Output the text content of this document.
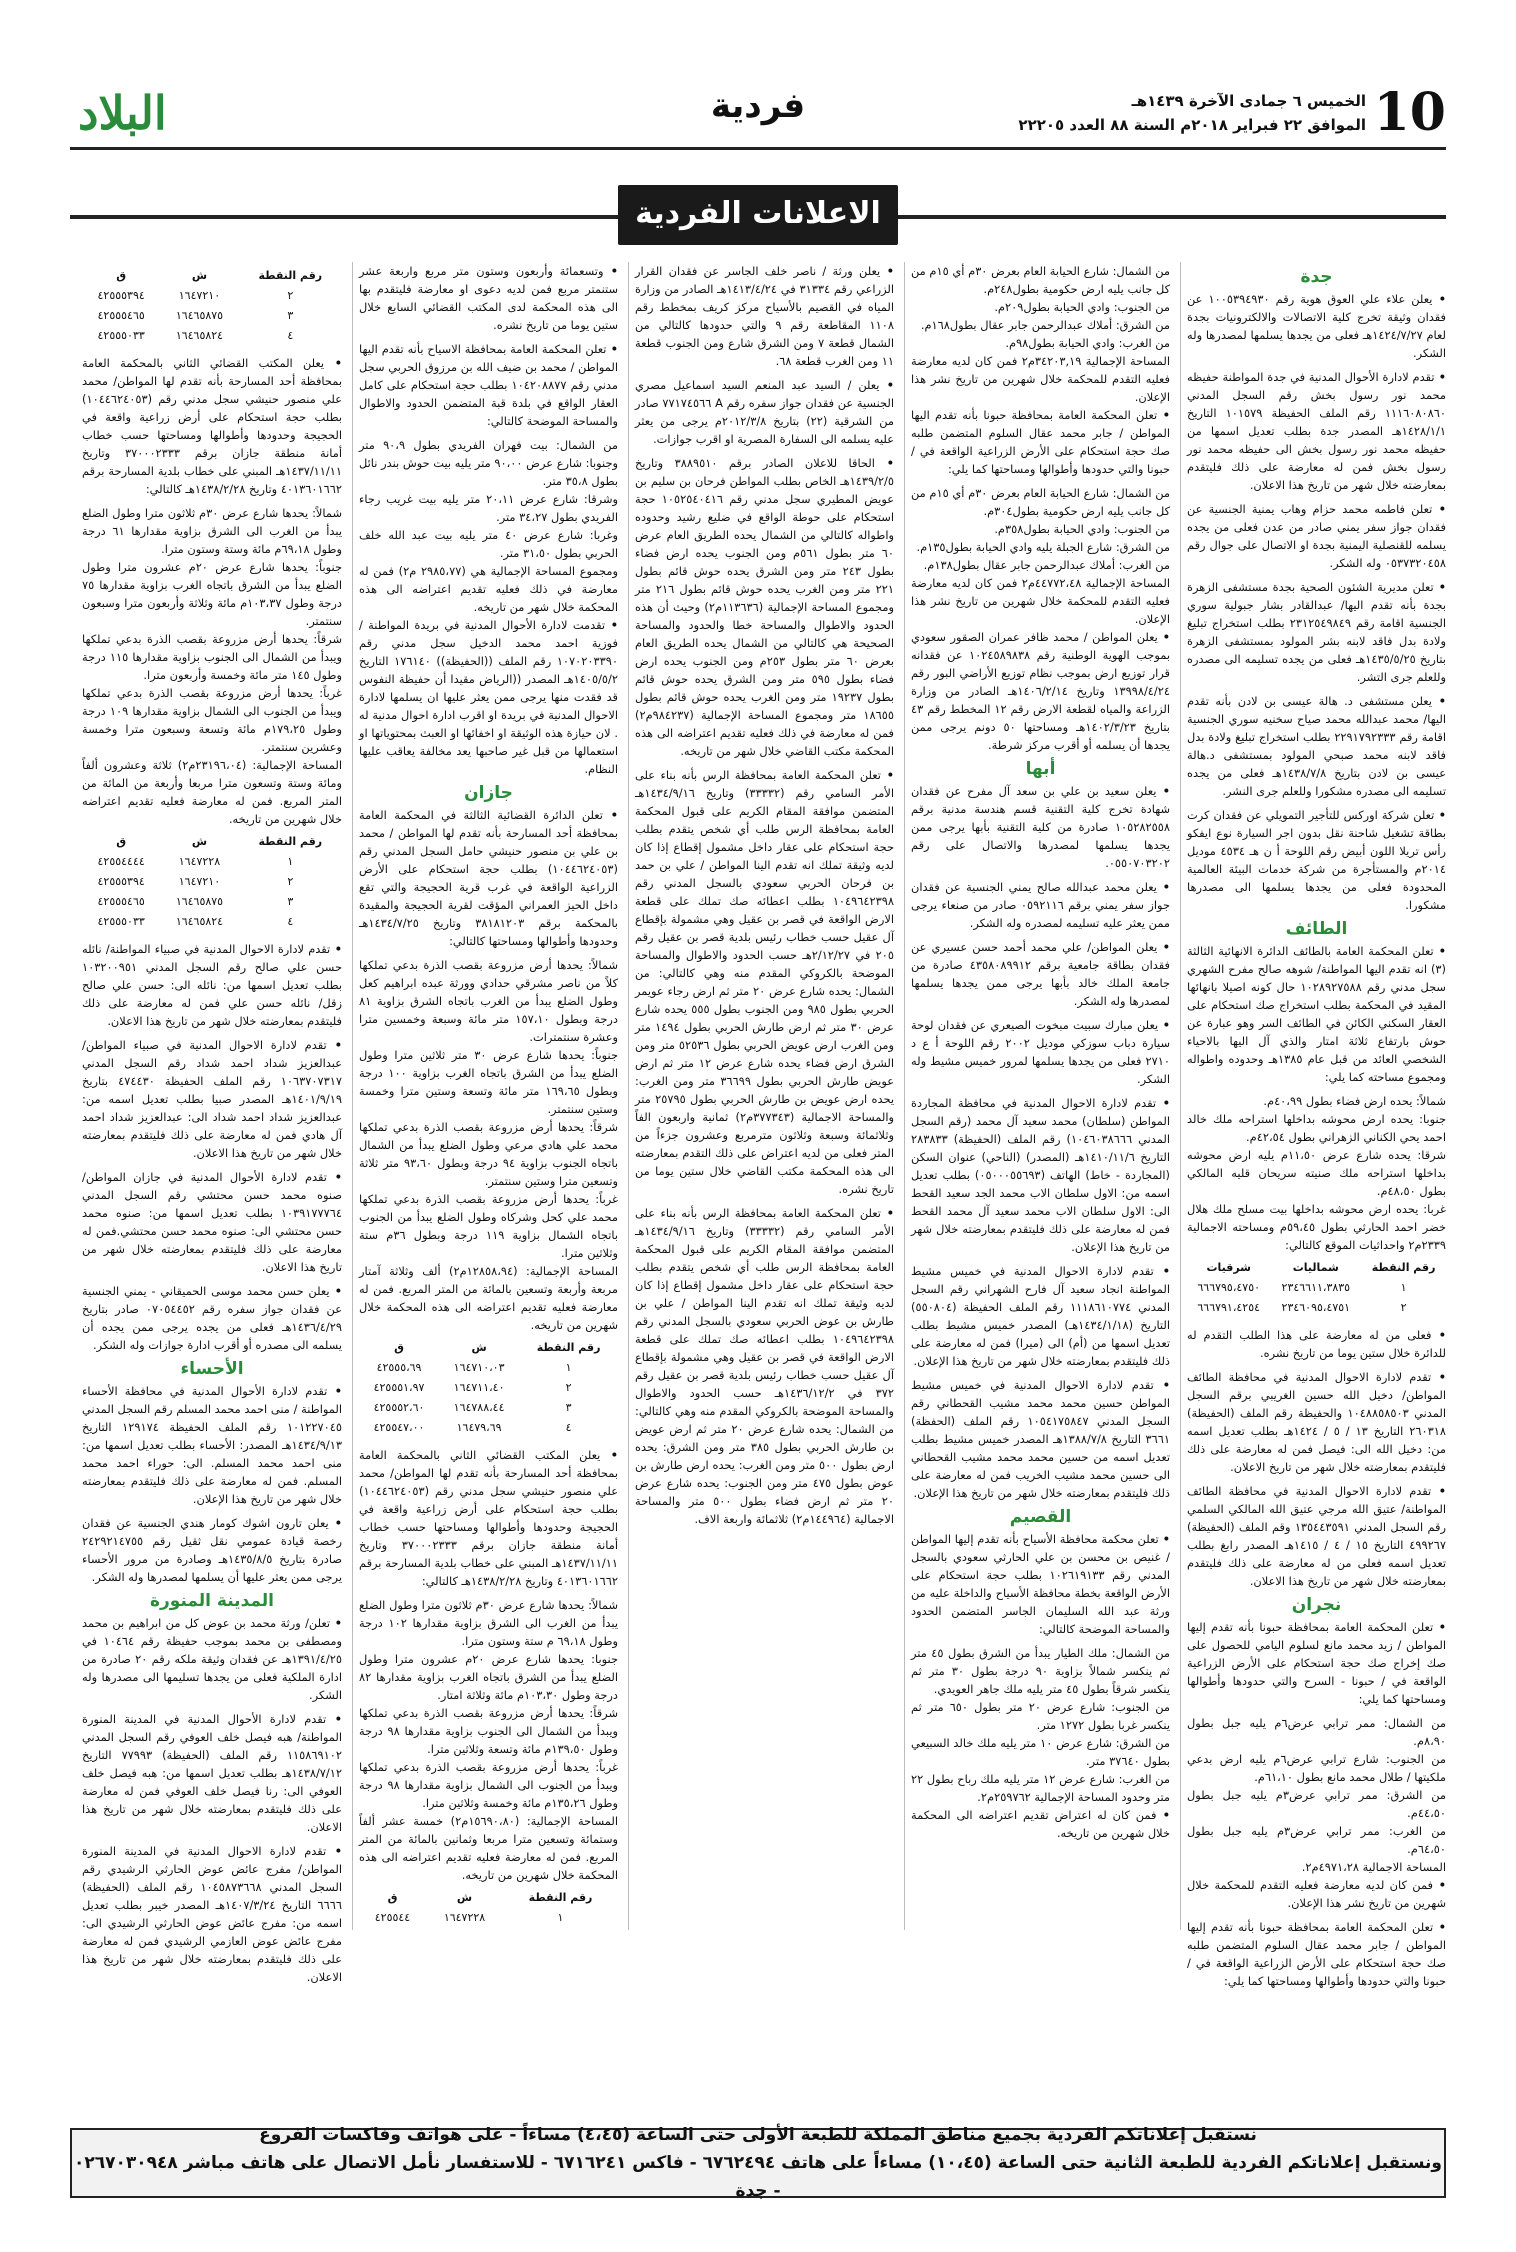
10
الخميس ٦ جمادى الآخرة ١٤٣٩هـ
الموافق ٢٢ فبراير ٢٠١٨م السنة ٨٨ العدد ٢٢٢٠٥
فردية
البلاد
الاعلانات الفردية
جدة
• يعلن علاء علي العوق هوية رقم ١٠٠٥٣٩٤٩٣٠ عن فقدان وثيقة تخرج كلية الاتصالات والالكترونيات بجدة لعام ١٤٢٤/٧/٢٧هـ فعلى من يجدها يسلمها لمصدرها وله الشكر.
• تقدم لادارة الأحوال المدنية في جدة المواطنة حفيظه محمد نور رسول بخش رقم السجل المدني ١١١٦٠٨٠٨٦٠ رقم الملف الحفيظة ١٠١٥٧٩ التاريخ ١٤٢٨/١/١هـ المصدر جدة بطلب تعديل اسمها من حفيظه محمد نور رسول بخش الى حفيظه محمد نور رسول بخش فمن له معارضة على ذلك فليتقدم بمعارضته خلال شهر من تاريخ هذا الاعلان.
• تعلن فاطمه محمد حزام وهاب يمنية الجنسية عن فقدان جواز سفر يمني صادر من عدن فعلى من يجده يسلمه للقنصلية اليمنية بجدة او الاتصال على جوال رقم ٠٥٣٧٣٢٠٤٥٨ وله الشكر.
• تعلن مديرية الشئون الصحية بجدة مستشفى الزهرة بجدة بأنه تقدم اليها/ عبدالقادر بشار جبولية سوري الجنسية اقامة رقم ٢٣١٢٥٤٩٨٤٩ بطلب استخراج تبليغ ولادة بدل فاقد لابنه بشر المولود بمستشفى الزهرة بتاريخ ١٤٣٥/٥/٢٥هـ فعلى من يجده تسليمه الى مصدره وللعلم جرى التشر.
• يعلن مستشفى د. هالة عيسى بن لادن بأنه تقدم اليها/ محمد عبدالله محمد صياح سخنيه سوري الجنسية اقامة رقم ٢٢٩١٧٩٢٣٣٣ بطلب استخراج تبليغ ولادة بدل فاقد لابنه محمد صبحي المولود بمستشفى د.هالة عيسى بن لادن بتاريخ ١٤٣٨/٧/٨هـ فعلى من يجده تسليمه الى مصدره مشكورا وللعلم جرى النشر.
• تعلن شركة اوركس للتأجير التمويلي عن فقدان كرت بطاقة تشغيل شاحنة نقل بدون اجر السيارة نوع ايفكو رأس تريلا اللون أبيض رقم اللوحة أ ن هـ ٤٥٣٤ موديل ٢٠١٤م والمستأجرة من شركة خدمات البيئة العالمية المحدودة فعلى من يجدها يسلمها الى مصدرها مشكورا.
الطائف
• تعلن المحكمة العامة بالطائف الدائرة الانهائية الثالثة (٣) انه تقدم اليها المواطنة/ شوهه صالح مفرح الشهري سجل مدني رقم ١٠٢٨٩٢٧٥٨٨ حال كونه اصيلا بانهائها المقيد في المحكمة بطلب استخراج صك استحكام على العقار السكني الكائن في الطائف السر وهو عبارة عن حوش بارتفاع ثلاثة امتار والذي آل اليها بالاحياء الشخصي العائد من قبل عام ١٣٨٥هـ وحدوده واطواله ومجموع مساحته كما يلي:
شمالاً: يحده ارض فضاء بطول ٤٠،٩٩م.
جنوبا: يحده ارض محوشه بداخلها استراحه ملك خالد احمد يحي الكناني الزهراني بطول ٤٢،٥٤م.
شرقا: يحده شارع عرض ١١،٥٠م يليه ارض محوشه بداخلها استراحه ملك صنيته سريحان قليه المالكي بطول ٤٨،٥٠م.
غربا: يحده ارض محوشه بداخلها بيت مسلح ملك هلال خضر احمد الحارثي بطول ٥٩،٤٥م ومساحته الاجمالية ٢٣٣٩م٢ واحداثيات الموقع كالتالي:
شرقيات	شماليات	رقم النقطة
٦٦٦٧٩٥،٤٧٥٠	٢٣٤٦٦١١،٣٨٣٥	١
٦٦٦٧٩١،٤٢٥٤	٢٣٤٦٠٩٥،٤٧٥١	٢
• فعلى من له معارضة على هذا الطلب التقدم له للدائرة خلال ستين يوما من تاريخ نشره.
• تقدم لادارة الاحوال المدنية في محافظة الطائف المواطن/ دخيل الله حسين الغريبي برقم السجل المدني ١٠٤٨٨٥٨٥٠٣ والحفيظة رقم الملف (الحفيظة) ٢٦٠٣١٨ التاريخ ١٣ / ٥ / ١٤٢٤هـ بطلب تعديل اسمه من: دخيل الله الى: فيصل فمن له معارضة على ذلك فليتقدم بمعارضته خلال شهر من تاريخ الاعلان.
• تقدم لادارة الاحوال المدنية في محافظة الطائف المواطنة/ عتيق الله مرجي عتيق الله المالكي السلمي رقم السجل المدني ١٣٥٤٤٣٥٩١ وقم الملف (الحفيظة) ٤٩٩٢٦٧ التاريخ ١٥ / ٤ / ١٤١٥هـ المصدر رابغ بطلب تعديل اسمه فعلى من له معارضة على ذلك فليتقدم بمعارضته خلال شهر من تاريخ هذا الاعلان.
نجران
• تعلن المحكمة العامة بمحافظة حبونا بأنه تقدم إليها المواطن / زيد محمد مانع لسلوم اليامي للحصول على صك إخراج صك حجة استحكام على الأرض الزراعية الواقعة في / حبونا - السرح والتي حدودها وأطوالها ومساحتها كما يلي:
من الشمال: ممر ترابي عرض٦م يليه جبل بطول ٨،٩٠م.
من الجنوب: شارع ترابي عرض٦م يليه ارض بدعي ملكيتها / طلال محمد مانع بطول ٦١،١٠م.
من الشرق: ممر ترابي عرض٣م يليه جبل بطول ٤٤،٥٠م.
من الغرب: ممر ترابي عرض٣م يليه جبل بطول ٦٤،٥٠م.
المساحة الاجمالية ٤٩٧١،٢٨م٢.
• فمن كان لديه معارضة فعليه التقدم للمحكمة خلال شهرين من تاريخ نشر هذا الإعلان.
• تعلن المحكمة العامة بمحافظة حبونا بأنه تقدم إليها المواطن / جابر محمد عقال السلوم المتضمن طلبه صك حجة استحكام على الأرض الزراعية الواقعة في / حبونا والتي حدودها وأطوالها ومساحتها كما يلي:
من الشمال: شارع الحيابة العام بعرض ٣٠م أي ١٥م من كل جانب يليه ارض حكومية بطول٢٤٨م.
من الجنوب: وادي الحيابة بطول٢٠٩م.
من الشرق: أملاك عبدالرحمن جابر عقال بطول١٦٨م.
من الغرب: وادي الحيابة بطول٩٨م.
المساحة الإجمالية ٣٤٢٠٣,١٩م٢ فمن كان لديه معارضة فعليه التقدم للمحكمة خلال شهرين من تاريخ نشر هذا الإعلان.
• تعلن المحكمة العامة بمحافظة حبونا بأنه تقدم اليها المواطن / جابر محمد عقال السلوم المتضمن طلبه صك حجة استحكام على الأرض الزراعية الواقعة في / حبونا والتي حدودها وأطوالها ومساحتها كما يلي:
من الشمال: شارع الحيابة العام بعرض ٣٠م أي ١٥م من كل جانب يليه ارض حكومية بطول٣٠٤م.
من الجنوب: وادي الحيابة بطول٣٥٨م.
من الشرق: شارع الجبلة يليه وادي الحيابة بطول١٣٥م.
من الغرب: أملاك عبدالرحمن جابر عقال بطول١٣٨م.
المساحة الإجمالية ٤٤٧٧٢،٤٨م٢ فمن كان لديه معارضة فعليه التقدم للمحكمة خلال شهرين من تاريخ نشر هذا الإعلان.
• يعلن المواطن / محمد ظافر عمران الصقور سعودي بموجب الهوية الوطنية رقم ١٠٢٤٥٨٩٨٣٨ عن فقدانه قرار توزيع ارض بموجب نظام توزيع الأراضي البور رقم ١٣٩٩٨/٤/٢٤ وتاريخ ١٤٠٦/٢/١٤هـ الصادر من وزارة الزراعة والمياه لقطعة الارض رقم ١٢ المخطط رقم ٤٣ بتاريخ ١٤٠٢/٣/٢٣هـ ومساحتها ٥٠ دونم يرجى ممن يجدها أن يسلمه أو أقرب مركز شرطة.
أبها
• يعلن سعيد بن علي بن سعد آل مفرح عن فقدان شهادة تخرج كلية التقنية قسم هندسة مدنية برقم ١٠٥٢٨٢٥٥٨ صادرة من كلية التقنية بأبها يرجى ممن يجدها يسلمها لمصدرها والاتصال على رقم ٠٥٥٠٧٠٣٢٠٢.
• يعلن محمد عبدالله صالح يمني الجنسية عن فقدان جواز سفر يمني برقم ٠٥٩٢١١٦ صادر من صنعاء يرجى ممن يعثر عليه تسليمه لمصدره وله الشكر.
• يعلن المواطن/ علي محمد أحمد حسن عسيري عن فقدان بطاقة جامعية برقم ٤٣٥٨٠٨٩٩١٢ صادرة من جامعة الملك خالد بأبها يرجى ممن يجدها يسلمها لمصدرها وله الشكر.
• يعلن مبارك سبيت مبخوت الصيعري عن فقدان لوحة سيارة دباب سوزكي موديل ٢٠٠٢ رقم اللوحة أ ع د ٢٧١٠ فعلى من يجدها يسلمها لمرور خميس مشيط وله الشكر.
• تقدم لادارة الاحوال المدنية في محافظة المجاردة المواطن (سلطان) محمد سعيد آل محمد (رقم السجل المدني ١٠٤٦٠٣٨٦٦٦) رقم الملف (الحفيظة) ٢٨٣٨٣٣ التاريخ ١٤١٠/١١/٦هـ (المصدر) (الناحي) عنوان السكن (المجاردة - خاط) الهاتف (٠٥٠٠٠٥٥٦٩٣) بطلب تعديل اسمه من: الاول سلطان الاب محمد الجد سعيد القحط الى: الاول سلطان الاب محمد سعيد آل محمد القحط فمن له معارضة على ذلك فليتقدم بمعارضته خلال شهر من تاريخ هذا الإعلان.
• تقدم لادارة الاحوال المدنية في خميس مشيط المواطنة انجاد سعيد آل فارح الشهراني رقم السجل المدني ١١١٨٦١٠٧٧٤ رقم الملف الحفيظة (٥٥٠٨٠٤) التاريخ (١٤٣٤/١/١٨هـ) المصدر خميس مشيط بطلب تعديل اسمها من (أم) الى (ميرا) فمن له معارضة على ذلك فليتقدم بمعارضته خلال شهر من تاريخ هذا الإعلان.
• تقدم لادارة الاحوال المدنية في خميس مشيط المواطن حسين محمد محمد مشيب القحطاني رقم السجل المدني ١٠٥٤١٧٥٨٤٧ رقم الملف (الحفظة) ٣٦٦١ التاريخ ١٣٨٨/٧/٨هـ المصدر خميس مشيط بطلب تعديل اسمه من حسين محمد محمد مشيب القحطاني الى حسين محمد مشيب الخريب فمن له معارضة على ذلك فليتقدم بمعارضته خلال شهر من تاريخ هذا الإعلان.
القصيم
• تعلن محكمة محافظة الأسياح بأنه تقدم إليها المواطن / غنيص بن محسن بن علي الحارثي سعودي بالسجل المدني رقم ١٠٢٦١٩١٣٣ بطلب حجة استحكام على الأرض الواقعة بخطة محافظة الأسياح والداخلة عليه من ورثة عبد الله السليمان الجاسر المتضمن الحدود والمساحة الموضحة كالتالي:
من الشمال: ملك الطيار يبدأ من الشرق بطول ٤٥ متر ثم ينكسر شمالاً بزاوية ٩٠ درجة بطول ٣٠ متر ثم ينكسر شرقاً بطول ٤٥ متر يليه ملك جاهر العويدي.
من الجنوب: شارع عرض ٢٠ متر بطول ٦٥٠ متر ثم ينكسر غربا بطول ١٢٧٢ متر.
من الشرق: شارع عرض ١٠ متر يليه ملك خالد السبيعي بطول ٣٧٦٤٠ متر.
من الغرب: شارع عرض ١٢ متر يليه ملك رباح بطول ٢٢ متر وحدود المساحة الإجمالية ٢٥٩٧٦٢م٢.
• فمن كان له اعتراض تقديم اعتراضه الى المحكمة خلال شهرين من تاريخه.
• يعلن ورثة / ناصر خلف الجاسر عن فقدان القرار الزراعي رقم ٣١٣٣٤ في ١٤١٣/٤/٢٤هـ الصادر من وزارة المياه في القصيم بالأسياح مركز كريف بمخطط رقم ١١٠٨ المقاطعة رقم ٩ والتي حدودها كالتالي من الشمال قطعة ٧ ومن الشرق شارع ومن الجنوب قطعة ١١ ومن الغرب قطعة ٦٨.
• يعلن / السيد عبد المنعم السيد اسماعيل مصري الجنسية عن فقدان جواز سفره رقم A ٧٧١٧٤٥٦٦ صادر من الشرقية (٢٢) بتاريخ ٢٠١٢/٣/٨م يرجى من يعثر عليه يسلمه الى السفارة المصرية او اقرب جوازات.
• الحاقا للاعلان الصادر برقم ٣٨٨٩٥١٠ وتاريخ ١٤٣٩/٢/٥هـ الخاص بطلب المواطن فرحان بن سليم بن عويض المطيري سجل مدني رقم ١٠٥٢٥٤٠٤١٦ حجة استحكام على حوطة الواقع في ضليع رشيد وحدوده واطواله كالتالي من الشمال يحده الطريق العام عرض ٦٠ متر بطول ٥٦١م ومن الجنوب يحده ارض فضاء بطول ٢٤٣ متر ومن الشرق يحده حوش قائم بطول ٢٢١ متر ومن الغرب يحده حوش قائم بطول ٢١٦ متر ومجموع المساحة الإجمالية (١١٣٦٣٦م٢) وحيث أن هذه الحدود والاطوال والمساحة خطا والحدود والمساحة الصحيحة هي كالتالي من الشمال يحده الطريق العام بعرض ٦٠ متر بطول ٢٥٣م ومن الجنوب يحده ارض فضاء بطول ٥٩٥ متر ومن الشرق يحده حوش قائم بطول ١٩٢٣٧ متر ومن الغرب يحده حوش قائم بطول ١٨٦٥٥ متر ومجموع المساحة الإجمالية (٩٨٤٢٣٧م٢) فمن له معارضة في ذلك فعليه تقديم اعتراضه الى هذه المحكمة مكتب القاضي خلال شهر من تاريخه.
• تعلن المحكمة العامة بمحافظة الرس بأنه بناء على الأمر السامي رقم (٣٣٣٣٢) وتاريخ ١٤٣٤/٩/١٦هـ المتضمن موافقة المقام الكريم على قبول المحكمة العامة بمحافظة الرس طلب أي شخص يتقدم بطلب حجة استحكام على عقار داخل مشمول إقطاع إذا كان لديه وثيقة تملك انه تقدم الينا المواطن / علي بن حمد بن فرحان الحربي سعودي بالسجل المدني رقم ١٠٤٩٦٤٢٣٩٨ بطلب اعطائه صك تملك على قطعة الارض الواقعة في قصر بن عقيل وهي مشمولة بإقطاع آل عقيل حسب خطاب رئيس بلدية قصر بن عقيل رقم ٢٠٥ في ٢/١٢/٢٧هـ حسب الحدود والاطوال والمساحة الموضحة بالكروكي المقدم منه وهي كالتالي: من الشمال: يحده شارع عرض ٢٠ متر ثم ارض رجاء عويمر الحربي بطول ٩٨٥ ومن الجنوب بطول ٥٥٥ يحده شارع عرض ٣٠ متر ثم ارض طارش الحربي بطول ١٤٩٤ متر ومن الغرب ارض عويض الحربي بطول ٥٢٥٣٦ متر ومن الشرق ارض فضاء يحده شارع عرض ١٢ متر ثم ارض عويض طارش الحربي بطول ٣٦٦٩٩ متر ومن الغرب: يحده ارض عويض بن طارش الحربي بطول ٢٥٧٩٥ متر والمساحة الاجمالية (٣٧٧٣٤٣م٢) ثمانية واربعون الفاً وثلاثمائة وسبعة وثلاثون مترمربع وعشرون جزءاً من المتر فعلى من لديه اعتراض على ذلك التقدم بمعارضته الى هذه المحكمة مكتب القاضي خلال ستين يوما من تاريخ نشره.
• تعلن المحكمة العامة بمحافظة الرس بأنه بناء على الأمر السامي رقم (٣٣٣٣٢) وتاريخ ١٤٣٤/٩/١٦هـ المتضمن موافقة المقام الكريم على قبول المحكمة العامة بمحافظة الرس طلب أي شخص يتقدم بطلب حجة استحكام على عقار داخل مشمول إقطاع إذا كان لديه وثيقة تملك انه تقدم الينا المواطن / علي بن طارش بن عوض الحربي سعودي بالسجل المدني رقم ١٠٤٩٦٤٢٣٩٨ بطلب اعطائه صك تملك على قطعة الارض الواقعة في قصر بن عقيل وهي مشمولة بإقطاع آل عقيل حسب خطاب رئيس بلدية قصر بن عقيل رقم ٣٧٢ في ١٤٣٦/١٢/٢هـ حسب الحدود والاطوال والمساحة الموضحة بالكروكي المقدم منه وهي كالتالي: من الشمال: يحده شارع عرض ٢٠ متر ثم ارض عويض بن طارش الحربي بطول ٣٨٥ متر ومن الشرق: يحده ارض بطول ٥٠٠ متر ومن الغرب: يحده ارض طارش بن عوض بطول ٤٧٥ متر ومن الجنوب: يحده شارع عرض ٢٠ متر ثم ارض فضاء بطول ٥٠٠ متر والمساحة الاجمالية (١٤٤٩٦٤م٢) ثلاثمائة واربعة الاف.
• وتسعمائة وأربعون وستون متر مربع واربعة عشر ستنمتر مربع فمن لديه دعوى او معارضة فليتقدم بها الى هذه المحكمة لدى المكتب القضائي السابع خلال ستين يوما من تاريخ نشره.
• تعلن المحكمة العامة بمحافظة الاسياح بأنه تقدم اليها المواطن / محمد بن ضيف الله بن مرزوق الحربي سجل مدني رقم ١٠٤٢٠٨٨٧٧ بطلب حجة استحكام على كامل العقار الواقع في بلدة قبة المتضمن الحدود والاطوال والمساحة الموضحة كالتالي:
من الشمال: بيت فهران الفريدي بطول ٩٠،٩ متر وجنوبا: شارع عرض ٩٠،٠٠ متر يليه بيت حوش بندر نائل بطول ٣٥،٨ متر.
وشرقا: شارع عرض ٢٠،١١ متر يليه بيت غريب رجاء الفريدي بطول ٣٤،٢٧ متر.
وغربا: شارع عرض ٤٠ متر يليه بيت عبد الله خلف الحربي بطول ٣١،٥٠ متر.
ومجموع المساحة الإجمالية هي (٢٩٨٥،٧٧ م٢) فمن له معارضة في ذلك فعليه تقديم اعتراضه الى هذه المحكمة خلال شهر من تاريخه.
• تقدمت لادارة الأحوال المدنية في بريدة المواطنة / فوزية احمد محمد الدخيل سجل مدني رقم ١٠٧٠٢٠٣٣٩٠ رقم الملف ((الحفيظة)) ١٧٦١٤٠ التاريخ ١٤٠٥/٥/٢هـ المصدر ((الرياض مقيدا أن حفيظة النفوس قد فقدت منها يرجى ممن يعثر عليها ان يسلمها لادارة الاحوال المدنية في بريدة او اقرب ادارة احوال مدنية له . لان حيازة هذه الوثيقة او اخفائها او العبث بمحتوياتها او استعمالها من قبل غير صاحبها يعد مخالفة يعاقب عليها النظام.
جازان
• تعلن الدائرة القضائية الثالثة في المحكمة العامة بمحافظة أحد المسارحة بأنه تقدم لها المواطن / محمد بن علي بن منصور حنيشي حامل السجل المدني رقم (١٠٤٤٦٢٤٠٥٣) بطلب حجة استحكام على الأرض الزراعية الواقعة في غرب قرية الحجيجة والتي تقع داخل الحيز العمراني المؤقت لقرية الحجيجة والمقيدة بالمحكمة برقم ٣٨١٨١٢٠٣ وتاريخ ١٤٣٤/٧/٢٥هـ وحدودها وأطوالها ومساحتها كالتالي:
شمالاً: يحدها أرض مزروعة بقصب الذرة بدعي تملكها كلاً من ناصر مشرقي حدادي وورثة عبده ابراهيم كعل وطول الضلع يبدأ من الغرب باتجاه الشرق بزاوية ٨١ درجة وبطول ١٥٧،١٠ متر مائة وسبعة وخمسين مترا وعشرة سنتمترات.
جنوباً: يحدها شارع عرض ٣٠ متر ثلاثين مترا وطول الضلع يبدأ من الشرق باتجاه الغرب بزاوية ١٠٠ درجة وبطول ١٦٩،٦٥ متر مائة وتسعة وستين مترا وخمسة وستين سنتمتر.
شرقاً: يحدها أرض مزروعة بقصب الذرة بدعي تملكها محمد علي هادي مرعي وطول الضلع يبدأ من الشمال باتجاه الجنوب بزاوية ٩٤ درجة وبطول ٩٣،٦٠ متر ثلاثة وتسعين مترا وستين سنتمتر.
غرباً: يحدها أرض مزروعة بقصب الذرة بدعي تملكها محمد علي كحل وشركاه وطول الضلع يبدأ من الجنوب باتجاه الشمال بزاوية ١١٩ درجة وبطول ٣٦م ستة وثلاثين مترا.
المساحة الإجمالية: (١٢٨٥٨،٩٤م٢) ألف وثلاثة آمتار مربعة وأربعة وتسعين بالمائة من المتر المربع. فمن له معارضة فعليه تقديم اعتراضه الى هذه المحكمة خلال شهرين من تاريخه.
ق	ش	رقم النقطة
٤٢٥٥٥،٦٩	١٦٤٧١٠،٠٣	١
٤٢٥٥٥١،٩٧	١٦٤٧١١،٤٠	٢
٤٢٥٥٥٢،٦٠	١٦٤٧٨٨،٤٤	٣
٤٢٥٥٤٧،٠٠	١٦٤٧٩،٦٩	٤
• يعلن المكتب القضائي الثاني بالمحكمة العامة بمحافظة أحد المسارحة بأنه تقدم لها المواطن/ محمد علي منصور حنيشي سجل مدني رقم (١٠٤٤٦٢٤٠٥٣) بطلب حجة استحكام على أرض زراعية واقعة في الحجيجة وحدودها وأطوالها ومساحتها حسب خطاب أمانة منطقة جازان برقم ٣٧٠٠٠٢٣٣٣ وتاريخ ١٤٣٧/١١/١١هـ المبني على خطاب بلدية المسارحة برقم ٤٠١٣٦٠١٦٦٢ وتاريخ ١٤٣٨/٢/٢٨هـ كالتالي:
شمالاً: يحدها شارع عرض ٣٠م ثلاثون مترا وطول الضلع يبدأ من الغرب الى الشرق بزاوية مقدارها ١٠٢ درجة وطول ٦٩،١٨ م ستة وستون مترا.
جنوبا: يحدها شارع عرض ٢٠م عشرون مترا وطول الضلع يبدأ من الشرق باتجاه الغرب بزاوية مقدارها ٨٢ درجة وطول ١٠٣،٣٠م مائة وثلاثة امتار.
شرقاً: يحدها أرض مزروعة بقصب الذرة بدعي تملكها ويبدأ من الشمال الى الجنوب بزاوية مقدارها ٩٨ درجة وطول ١٣٩،٥٠م مائة وتسعة وثلاثين مترا.
غرباً: يحدها أرض مزروعة بقصب الذرة بدعي تملكها ويبدأ من الجنوب الى الشمال بزاوية مقدارها ٩٨ درجة وطول ١٣٥،٢٦م مائة وخمسة وثلاثين مترا.
المساحة الإجمالية: (١٥٦٩٠،٨٠م٢) خمسة عشر ألفاً وستمائة وتسعين مترا مربعا وثمانين بالمائة من المتر المربع. فمن له معارضة فعليه تقديم اعتراضه الى هذه المحكمة خلال شهرين من تاريخه.
ق	ش	رقم النقطة
٤٢٥٥٤٤	١٦٤٧٢٢٨	١
ق	ش	رقم النقطة
٤٢٥٥٥٣٩٤	١٦٤٧٢١٠	٢
٤٢٥٥٥٤٦٥	١٦٤٦٥٨٧٥	٣
٤٢٥٥٥٠٣٣	١٦٤٦٥٨٢٤	٤
• يعلن المكتب القضائي الثاني بالمحكمة العامة بمحافظة أحد المسارحة بأنه تقدم لها المواطن/ محمد علي منصور حنيشي سجل مدني رقم (١٠٤٤٦٢٤٠٥٣) بطلب حجة استحكام على أرض زراعية واقعة في الحجيجة وحدودها وأطوالها ومساحتها حسب خطاب أمانة منطقة جازان برقم ٣٧٠٠٠٢٣٣٣ وتاريخ ١٤٣٧/١١/١١هـ المبني على خطاب بلدية المسارحة برقم ٤٠١٣٦٠١٦٦٢ وتاريخ ١٤٣٨/٢/٢٨هـ كالتالي:
شمالاً: يحدها شارع عرض ٣٠م ثلاثون مترا وطول الضلع يبدأ من الغرب الى الشرق بزاوية مقدارها ٦١ درجة وطول ٦٩،١٨م مائة وستة وستون مترا.
جنوباً: يحدها شارع عرض ٢٠م عشرون مترا وطول الضلع يبدأ من الشرق باتجاه الغرب بزاوية مقدارها ٧٥ درجة وطول ١٠٣،٣٧م مائة وثلاثة وأربعون مترا وسبعون سنتمتر.
شرقاً: يحدها أرض مزروعة بقصب الذرة بدعي تملكها ويبدأ من الشمال الى الجنوب بزاوية مقدارها ١١٥ درجة وطول ١٤٥ متر مائة وخمسة وأربعون مترا.
غرباً: يحدها أرض مزروعة بقصب الذرة بدعي تملكها ويبدأ من الجنوب الى الشمال بزاوية مقدارها ١٠٩ درجة وطول ١٧٩،٢٥م مائة وتسعة وسبعون مترا وخمسة وعشرين سنتمتر.
المساحة الإجمالية: (٢٣١٩٦،٠٤م٢) ثلاثة وعشرون ألفاً ومائة وستة وتسعون مترا مربعا وأربعة من المائة من المتر المربع. فمن له معارضة فعليه تقديم اعتراضه خلال شهرين من تاريخه.
ق	ش	رقم النقطة
٤٢٥٥٤٤٤٤	١٦٤٧٢٢٨	١
٤٢٥٥٥٣٩٤	١٦٤٧٢١٠	٢
٤٢٥٥٥٤٦٥	١٦٤٦٥٨٧٥	٣
٤٢٥٥٥٠٣٣	١٦٤٦٥٨٢٤	٤
• تقدم لادارة الاحوال المدنية في صبياء المواطنة/ نائله حسن علي صالح رقم السجل المدني ١٠٣٢٠٠٩٥١ بطلب تعديل اسمها من: نائله الى: حسن علي صالح زقل/ نائله حسن علي فمن له معارضة على ذلك فليتقدم بمعارضته خلال شهر من تاريخ هذا الاعلان.
• تقدم لادارة الاحوال المدنية في صبياء المواطن/ عبدالعزيز شداد احمد شداد رقم السجل المدني ١٠٦٣٧٠٧٣١٧ رقم الملف الحفيظة ٤٧٤٤٣٠ بتاريخ ١٤٠١/٩/١٩هـ المصدر صبيا بطلب تعديل اسمه من: عبدالعزيز شداد احمد شداد الى: عبدالعزيز شداد احمد آل هادي فمن له معارضة على ذلك فليتقدم بمعارضته خلال شهر من تاريخ هذا الاعلان.
• تقدم لادارة الأحوال المدنية في جازان المواطن/ صنوه محمد حسن محتشي رقم السجل المدني ١٠٣٩١٧٧٧٦٤ بطلب تعديل اسمها من: صنوه محمد حسن محتشي الى: صنوه محمد حسن محتشي.فمن له معارضة على ذلك فليتقدم بمعارضته خلال شهر من تاريخ هذا الاعلان.
• يعلن حسن محمد موسى الحميقاني - يمني الجنسية عن فقدان جواز سفره رقم ٠٧٠٥٤٤٥٢ صادر بتاريخ ١٤٣٦/٤/٢٩هـ فعلى من يجده يرجى ممن يجده أن يسلمه الى مصدره أو أقرب ادارة جوازات وله الشكر.
الأحساء
• تقدم لادارة الأحوال المدنية في محافظة الأحساء المواطنة / منى احمد محمد المسلم رقم السجل المدني ١٠١٢٢٧٠٤٥ رقم الملف الحفيظة ١٢٩١٧٤ التاريخ ١٤٣٤/٩/١٣هـ المصدر: الأحساء بطلب تعديل اسمها من: منى احمد محمد المسلم. الى: حوراء احمد محمد المسلم. فمن له معارضة على ذلك فليتقدم بمعارضته خلال شهر من تاريخ هذا الإعلان.
• يعلن تارون اشوك كومار هندي الجنسية عن فقدان رخصة قيادة عمومي نقل ثقيل رقم ٢٤٢٩٢١٤٧٥٥ صادرة بتاريخ ١٤٣٥/٨/٥هـ وصادرة من مرور الأحساء يرجى ممن يعثر عليها أن يسلمها لمصدرها وله الشكر.
المدينة المنورة
• تعلن/ ورثة محمد بن عوض كل من ابراهيم بن محمد ومصطفى بن محمد بموجب حفيظة رقم ١٠٤٦٤ في ١٣٩١/٤/٢٥هـ عن فقدان وثيقة ملكه رقم ٢٠ صادرة من ادارة الملكية فعلى من يجدها تسليمها الى مصدرها وله الشكر.
• تقدم لادارة الأحوال المدنية في المدينة المنورة المواطنة/ هبه فيصل خلف العوفي رقم السجل المدني ١١٥٨٦٩١٠٢ رقم الملف (الحفيظة) ٧٧٩٩٣ التاريخ ١٤٣٨/٧/١٢هـ بطلب تعديل اسمها من: هبه فيصل خلف العوفي الى: رنا فيصل خلف العوفي فمن له معارضة على ذلك فليتقدم بمعارضته خلال شهر من تاريخ هذا الاعلان.
• تقدم لادارة الاحوال المدنية في المدينة المنورة المواطن/ مفرج عائض عوض الحارثي الرشيدي رقم السجل المدني ١٠٤٥٨٧٣٦٦٨ رقم الملف (الحفيظة) ٦٦٦٦ التاريخ ١٤٠٧/٣/٢٤هـ المصدر خيبر بطلب تعديل اسمه من: مفرج عائض عوض الحارثي الرشيدي الى: مفرج عائض عوض العازمي الرشيدي فمن له معارضة على ذلك فليتقدم بمعارضته خلال شهر من تاريخ هذا الاعلان.
نستقبل إعلاناتكم الفردية بجميع مناطق المملكة للطبعة الأولى حتى الساعة (٤،٤٥) مساءاً - على هواتف وفاكسات الفروع
ونستقبل إعلاناتكم الفردية للطبعة الثانية حتى الساعة (١٠،٤٥) مساءاً على هاتف ٦٧٦٢٤٩٤ - فاكس ٦٧١٦٢٤١ - للاستفسار نأمل الاتصال على هاتف مباشر ٠٢٦٧٠٣٠٩٤٨ - جدة
